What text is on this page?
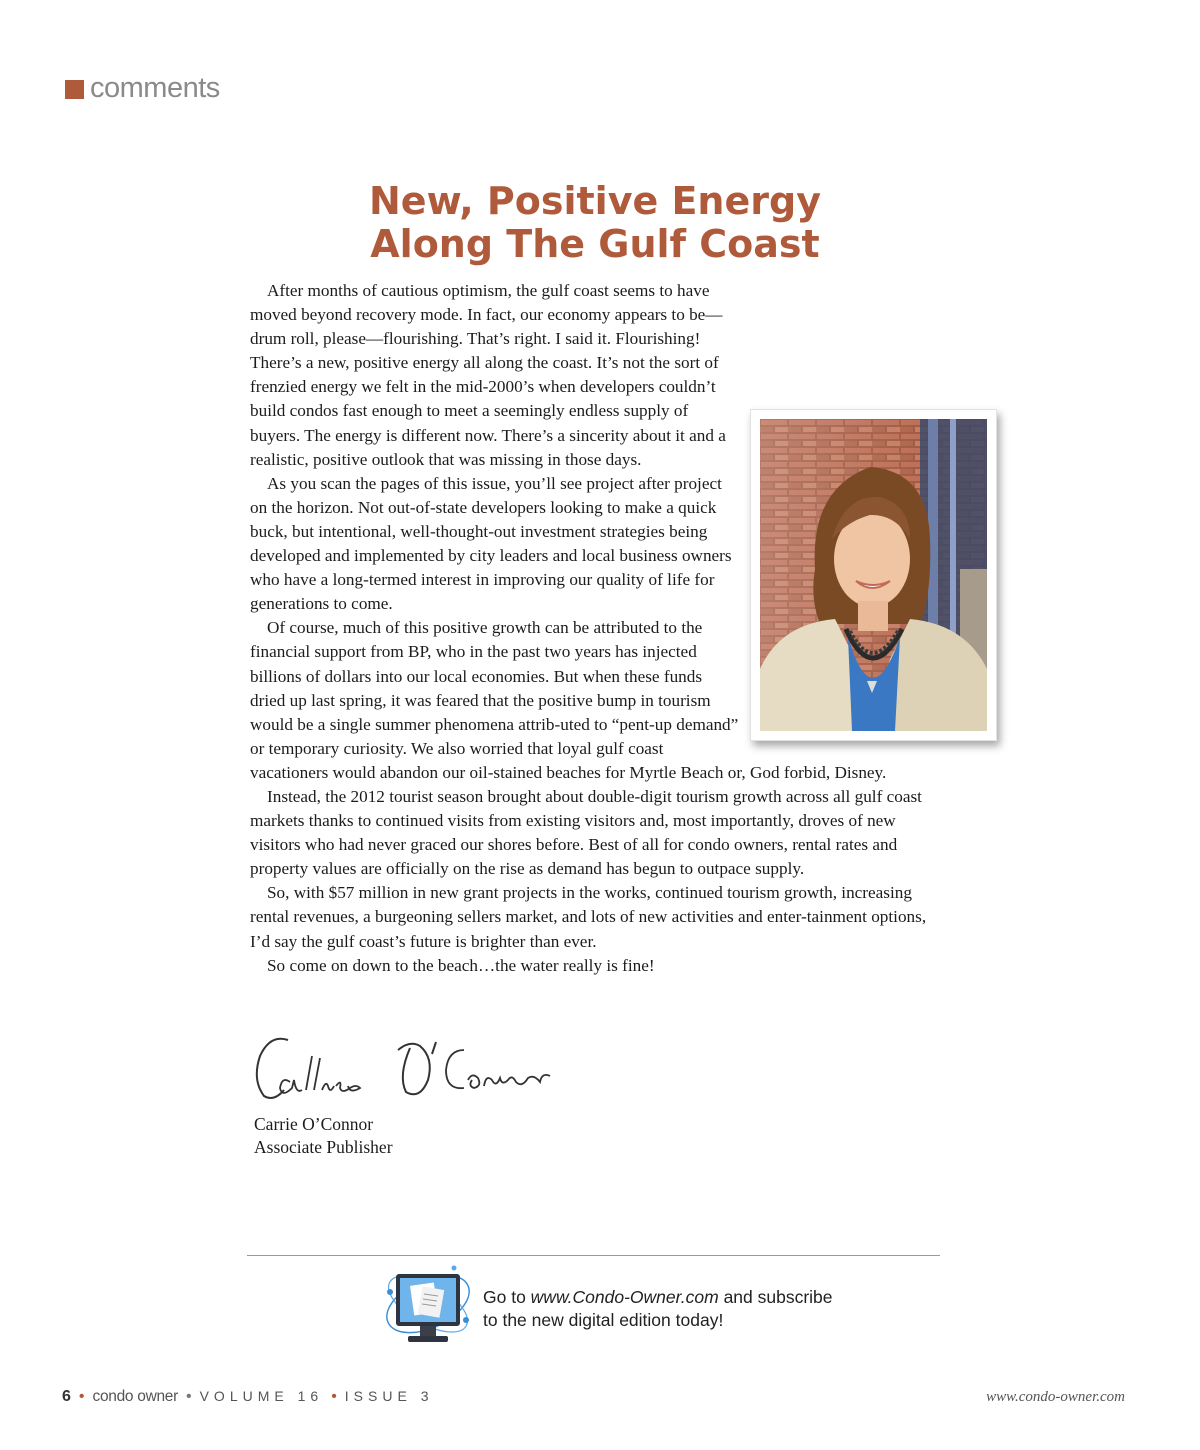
comments
New, Positive Energy
Along The Gulf Coast

After months of cautious optimism, the gulf coast seems to have moved beyond recovery mode. In fact, our economy appears to be—drum roll, please—flourishing. That’s right. I said it. Flourishing! There’s a new, positive energy all along the coast. It’s not the sort of frenzied energy we felt in the mid-2000’s when developers couldn’t build condos fast enough to meet a seemingly endless supply of buyers. The energy is different now. There’s a sincerity about it and a realistic, positive outlook that was missing in those days.

As you scan the pages of this issue, you’ll see project after project on the horizon. Not out-of-state developers looking to make a quick buck, but intentional, well-thought-out investment strategies being developed and implemented by city leaders and local business owners who have a long-termed interest in improving our quality of life for generations to come.

Of course, much of this positive growth can be attributed to the financial support from BP, who in the past two years has injected billions of dollars into our local economies. But when these funds dried up last spring, it was feared that the positive bump in tourism would be a single summer phenomena attrib-uted to “pent-up demand” or temporary curiosity. We also worried that loyal gulf coast vacationers would abandon our oil-stained beaches for Myrtle Beach or, God forbid, Disney.

Instead, the 2012 tourist season brought about double-digit tourism growth across all gulf coast markets thanks to continued visits from existing visitors and, most importantly, droves of new visitors who had never graced our shores before. Best of all for condo owners, rental rates and property values are officially on the rise as demand has begun to outpace supply.

So, with $57 million in new grant projects in the works, continued tourism growth, increasing rental revenues, a burgeoning sellers market, and lots of new activities and enter-tainment options, I’d say the gulf coast’s future is brighter than ever.

So come on down to the beach…the water really is fine!

Carrie O’Connor
Associate Publisher
Go to www.Condo-Owner.com and subscribe
to the new digital edition today!
6 • condo owner • VOLUME 16 • ISSUE 3	www.condo-owner.com
